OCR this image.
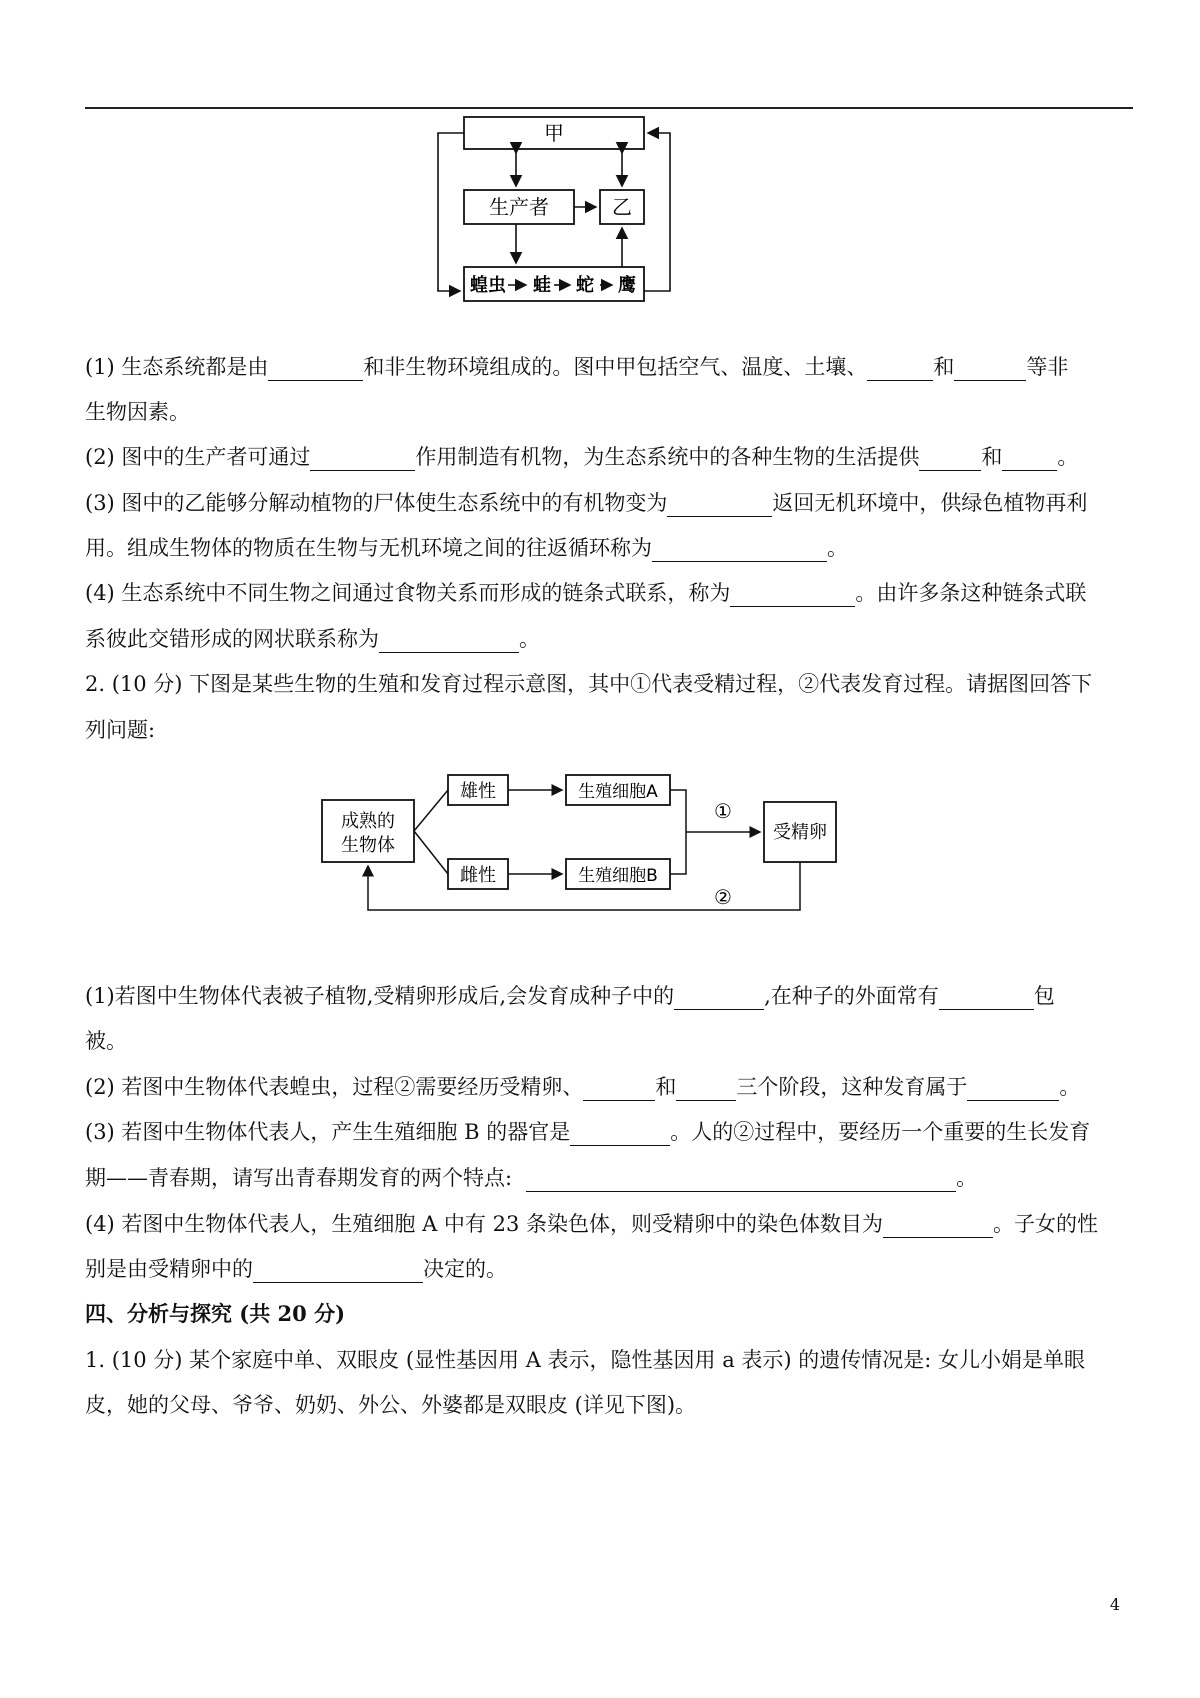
甲
生产者	乙
蝗虫 蛙 蛇 鹰
(1) 生态系统都是由	和非生物环境组成的。图中甲包括空气、温度、土壤、	和	等非
生物因素。
(2) 图中的生产者可通过	作用制造有机物，为生态系统中的各种生物的生活提供	和	。
(3) 图中的乙能够分解动植物的尸体使生态系统中的有机物变为	返回无机环境中，供绿色植物再利
用。组成生物体的物质在生物与无机环境之间的往返循环称为	。
(4) 生态系统中不同生物之间通过食物关系而形成的链条式联系，称为	。由许多条这种链条式联
系彼此交错形成的网状联系称为	。
2. (10 分) 下图是某些生物的生殖和发育过程示意图，其中①代表受精过程，②代表发育过程。请据图回答下
列问题:
成熟的
生物体
雄性
雌性
生殖细胞A
生殖细胞B
①
受精卵
②
(1)若图中生物体代表被子植物,受精卵形成后,会发育成种子中的	,在种子的外面常有	包
被。
(2) 若图中生物体代表蝗虫，过程②需要经历受精卵、	和	三个阶段，这种发育属于	。
(3) 若图中生物体代表人，产生生殖细胞 B 的器官是	。人的②过程中，要经历一个重要的生长发育
期——青春期，请写出青春期发育的两个特点:	。
(4) 若图中生物体代表人，生殖细胞 A 中有 23 条染色体，则受精卵中的染色体数目为	。子女的性
别是由受精卵中的	决定的。
四、分析与探究 (共 20 分)
1. (10 分) 某个家庭中单、双眼皮 (显性基因用 A 表示，隐性基因用 a 表示) 的遗传情况是: 女儿小娟是单眼
皮，她的父母、爷爷、奶奶、外公、外婆都是双眼皮 (详见下图)。
4
